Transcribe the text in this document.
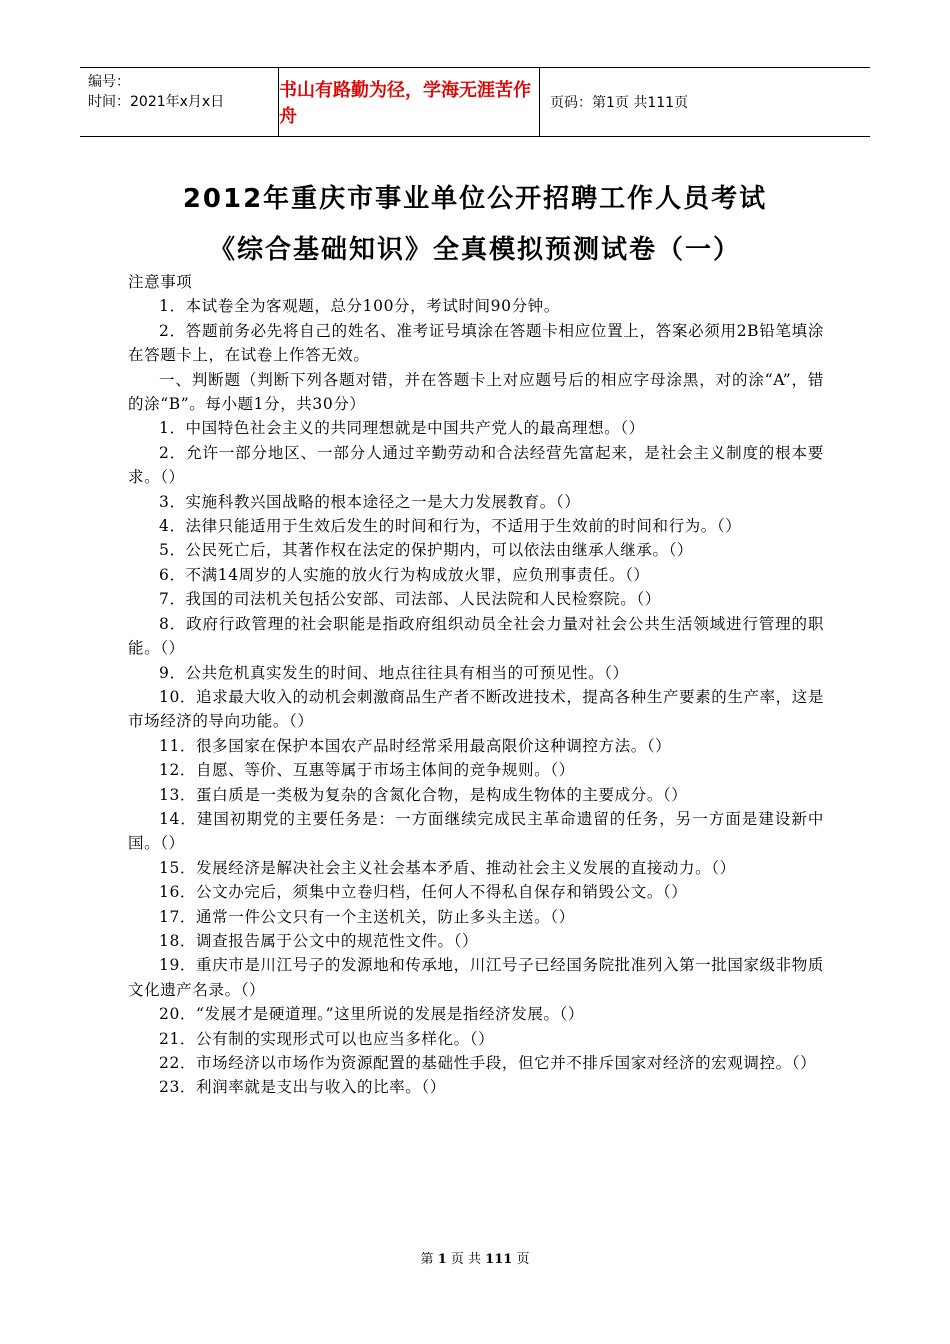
编号：
时间：2021年x月x日
书山有路勤为径，学海无涯苦作舟
页码：第1页 共111页
2012年重庆市事业单位公开招聘工作人员考试
《综合基础知识》全真模拟预测试卷（一）

注意事项

1．本试卷全为客观题，总分100分，考试时间90分钟。

2．答题前务必先将自己的姓名、准考证号填涂在答题卡相应位置上，答案必须用2B铅笔填涂在答题卡上，在试卷上作答无效。

一、判断题（判断下列各题对错，并在答题卡上对应题号后的相应字母涂黑，对的涂“A”，错的涂“B”。每小题1分，共30分）

1．中国特色社会主义的共同理想就是中国共产党人的最高理想。（）

2．允许一部分地区、一部分人通过辛勤劳动和合法经营先富起来，是社会主义制度的根本要求。（）

3．实施科教兴国战略的根本途径之一是大力发展教育。（）

4．法律只能适用于生效后发生的时间和行为，不适用于生效前的时间和行为。（）

5．公民死亡后，其著作权在法定的保护期内，可以依法由继承人继承。（）

6．不满14周岁的人实施的放火行为构成放火罪，应负刑事责任。（）

7．我国的司法机关包括公安部、司法部、人民法院和人民检察院。（）

8．政府行政管理的社会职能是指政府组织动员全社会力量对社会公共生活领域进行管理的职能。（）

9．公共危机真实发生的时间、地点往往具有相当的可预见性。（）

10．追求最大收入的动机会刺激商品生产者不断改进技术，提高各种生产要素的生产率，这是市场经济的导向功能。（）

11．很多国家在保护本国农产品时经常采用最高限价这种调控方法。（）

12．自愿、等价、互惠等属于市场主体间的竞争规则。（）

13．蛋白质是一类极为复杂的含氮化合物，是构成生物体的主要成分。（）

14．建国初期党的主要任务是：一方面继续完成民主革命遗留的任务，另一方面是建设新中国。（）

15．发展经济是解决社会主义社会基本矛盾、推动社会主义发展的直接动力。（）

16．公文办完后，须集中立卷归档，任何人不得私自保存和销毁公文。（）

17．通常一件公文只有一个主送机关，防止多头主送。（）

18．调查报告属于公文中的规范性文件。（）

19．重庆市是川江号子的发源地和传承地，川江号子已经国务院批准列入第一批国家级非物质文化遗产名录。（）

20．“发展才是硬道理。”这里所说的发展是指经济发展。（）

21．公有制的实现形式可以也应当多样化。（）

22．市场经济以市场作为资源配置的基础性手段，但它并不排斥国家对经济的宏观调控。（）

23．利润率就是支出与收入的比率。（）

第 1 页 共 111 页
